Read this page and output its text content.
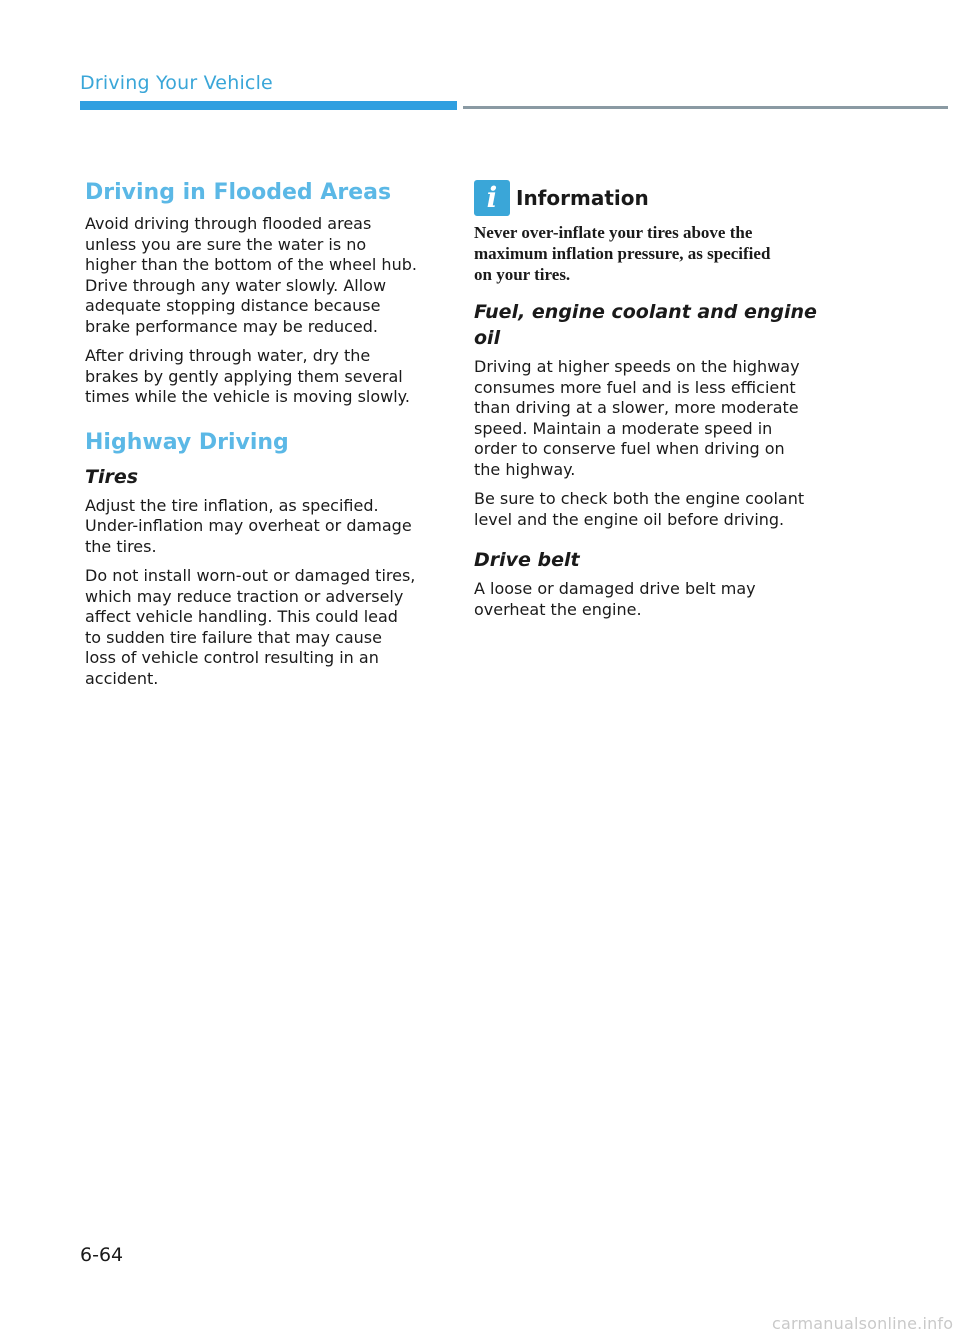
Driving Your Vehicle
Driving in Flooded Areas

Avoid driving through flooded areas
unless you are sure the water is no
higher than the bottom of the wheel hub.
Drive through any water slowly. Allow
adequate stopping distance because
brake performance may be reduced.

After driving through water, dry the
brakes by gently applying them several
times while the vehicle is moving slowly.

Highway Driving
Tires

Adjust the tire inflation, as specified.
Under-inflation may overheat or damage
the tires.

Do not install worn-out or damaged tires,
which may reduce traction or adversely
affect vehicle handling. This could lead
to sudden tire failure that may cause
loss of vehicle control resulting in an
accident.

i Information

Never over-inflate your tires above the
maximum inflation pressure, as specified
on your tires.

Fuel, engine coolant and engine oil

Driving at higher speeds on the highway
consumes more fuel and is less efficient
than driving at a slower, more moderate
speed. Maintain a moderate speed in
order to conserve fuel when driving on
the highway.

Be sure to check both the engine coolant
level and the engine oil before driving.

Drive belt

A loose or damaged drive belt may
overheat the engine.

6-64
carmanualsonline.info
